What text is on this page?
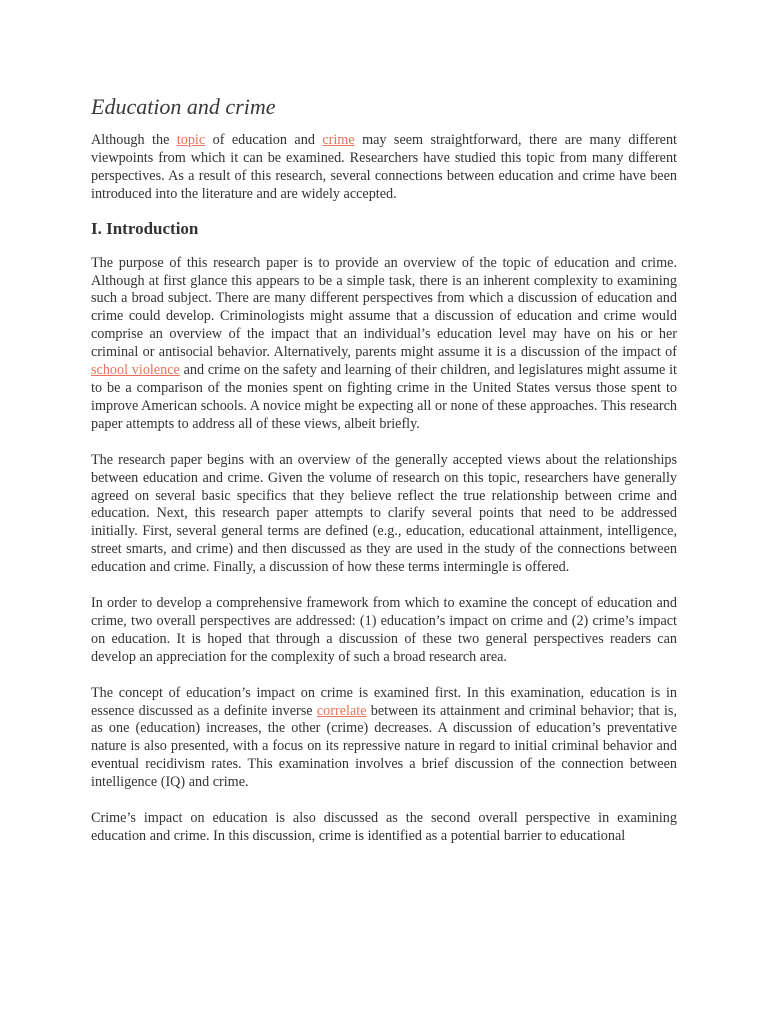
Education and crime

Although the topic of education and crime may seem straightforward, there are many different viewpoints from which it can be examined. Researchers have studied this topic from many different perspectives. As a result of this research, several connections between education and crime have been introduced into the literature and are widely accepted.

I. Introduction

The purpose of this research paper is to provide an overview of the topic of education and crime. Although at first glance this appears to be a simple task, there is an inherent complexity to examining such a broad subject. There are many different perspectives from which a discussion of education and crime could develop. Criminologists might assume that a discussion of education and crime would comprise an overview of the impact that an individual’s education level may have on his or her criminal or antisocial behavior. Alternatively, parents might assume it is a discussion of the impact of school violence and crime on the safety and learning of their children, and legislatures might assume it to be a comparison of the monies spent on fighting crime in the United States versus those spent to improve American schools. A novice might be expecting all or none of these approaches. This research paper attempts to address all of these views, albeit briefly.

The research paper begins with an overview of the generally accepted views about the relationships between education and crime. Given the volume of research on this topic, researchers have generally agreed on several basic specifics that they believe reflect the true relationship between crime and education. Next, this research paper attempts to clarify several points that need to be addressed initially. First, several general terms are defined (e.g., education, educational attainment, intelligence, street smarts, and crime) and then discussed as they are used in the study of the connections between education and crime. Finally, a discussion of how these terms intermingle is offered.

In order to develop a comprehensive framework from which to examine the concept of education and crime, two overall perspectives are addressed: (1) education’s impact on crime and (2) crime’s impact on education. It is hoped that through a discussion of these two general perspectives readers can develop an appreciation for the complexity of such a broad research area.

The concept of education’s impact on crime is examined first. In this examination, education is in essence discussed as a definite inverse correlate between its attainment and criminal behavior; that is, as one (education) increases, the other (crime) decreases. A discussion of education’s preventative nature is also presented, with a focus on its repressive nature in regard to initial criminal behavior and eventual recidivism rates. This examination involves a brief discussion of the connection between intelligence (IQ) and crime.

Crime’s impact on education is also discussed as the second overall perspective in examining education and crime. In this discussion, crime is identified as a potential barrier to educational
